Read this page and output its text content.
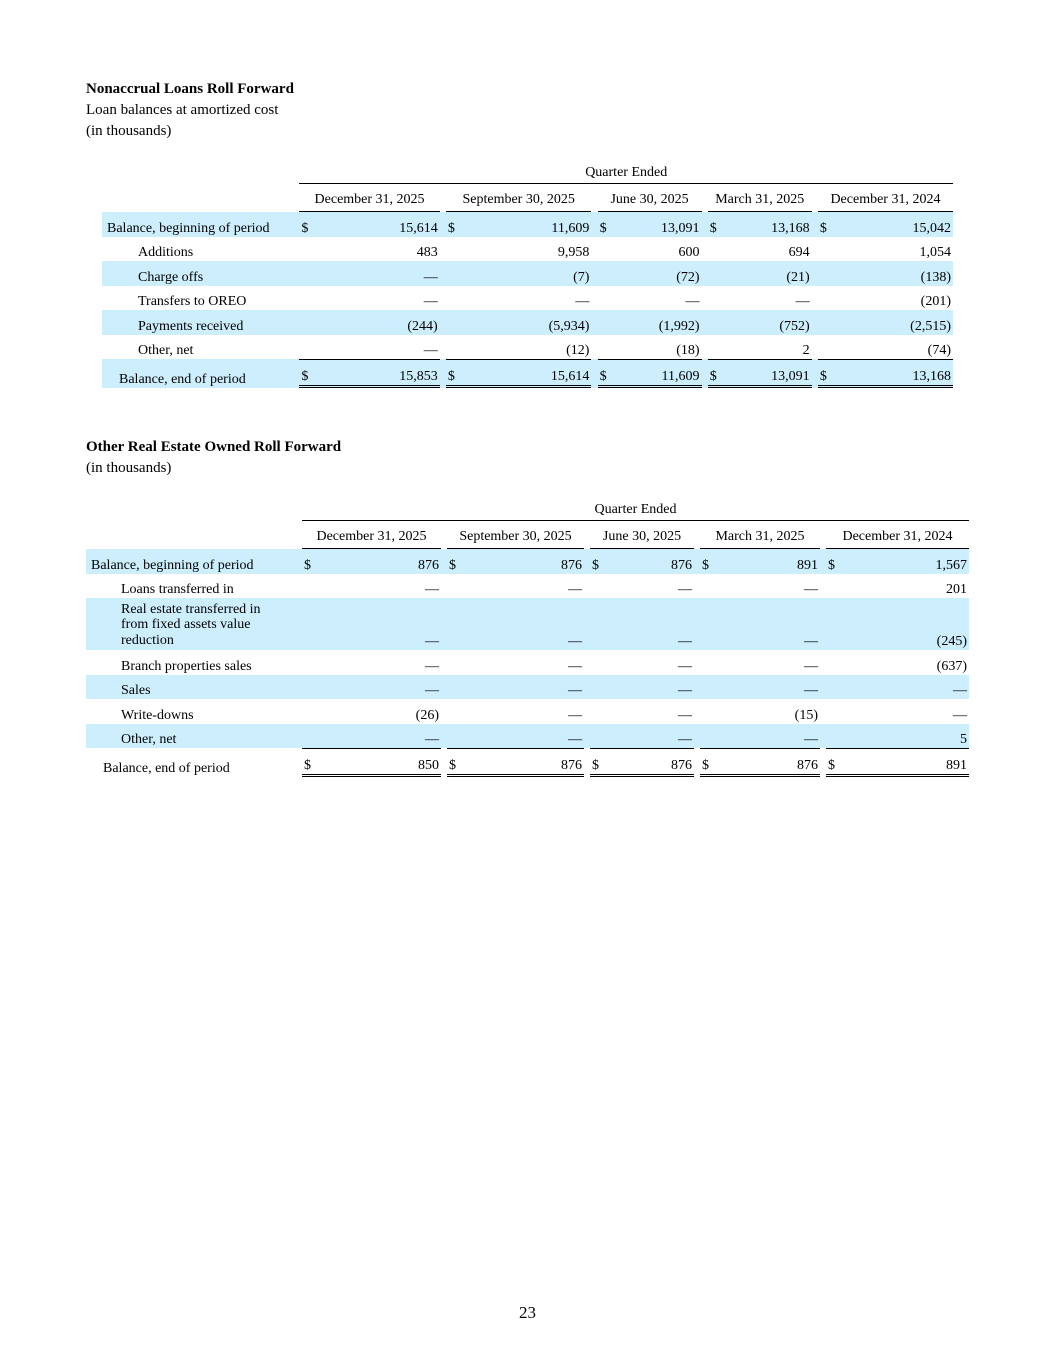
Nonaccrual Loans Roll Forward
Loan balances at amortized cost
(in thousands)
	Quarter Ended													
	December 31, 2025			September 30, 2025			June 30, 2025			March 31, 2025			December 31, 2024	
Balance, beginning of period	$	15,614		$	11,609		$	13,091		$	13,168		$	15,042
Additions		483			9,958			600			694			1,054
Charge offs		—			(7)			(72)			(21)			(138)
Transfers to OREO		—			—			—			—			(201)
Payments received		(244)			(5,934)			(1,992)			(752)			(2,515)
Other, net		—			(12)			(18)			2			(74)
Balance, end of period	$	15,853		$	15,614		$	11,609		$	13,091		$	13,168
Other Real Estate Owned Roll Forward
(in thousands)
	Quarter Ended													
	December 31, 2025			September 30, 2025			June 30, 2025			March 31, 2025			December 31, 2024	
Balance, beginning of period	$	876		$	876		$	876		$	891		$	1,567
Loans transferred in		—			—			—			—			201

Real estate transferred in from fixed assets value reduction		—			—			—			—			(245)
Branch properties sales		—			—			—			—			(637)
Sales		—			—			—			—			—
Write-downs		(26)			—			—			(15)			—
Other, net		—			—			—			—			5
Balance, end of period	$	850		$	876		$	876		$	876		$	891
23
